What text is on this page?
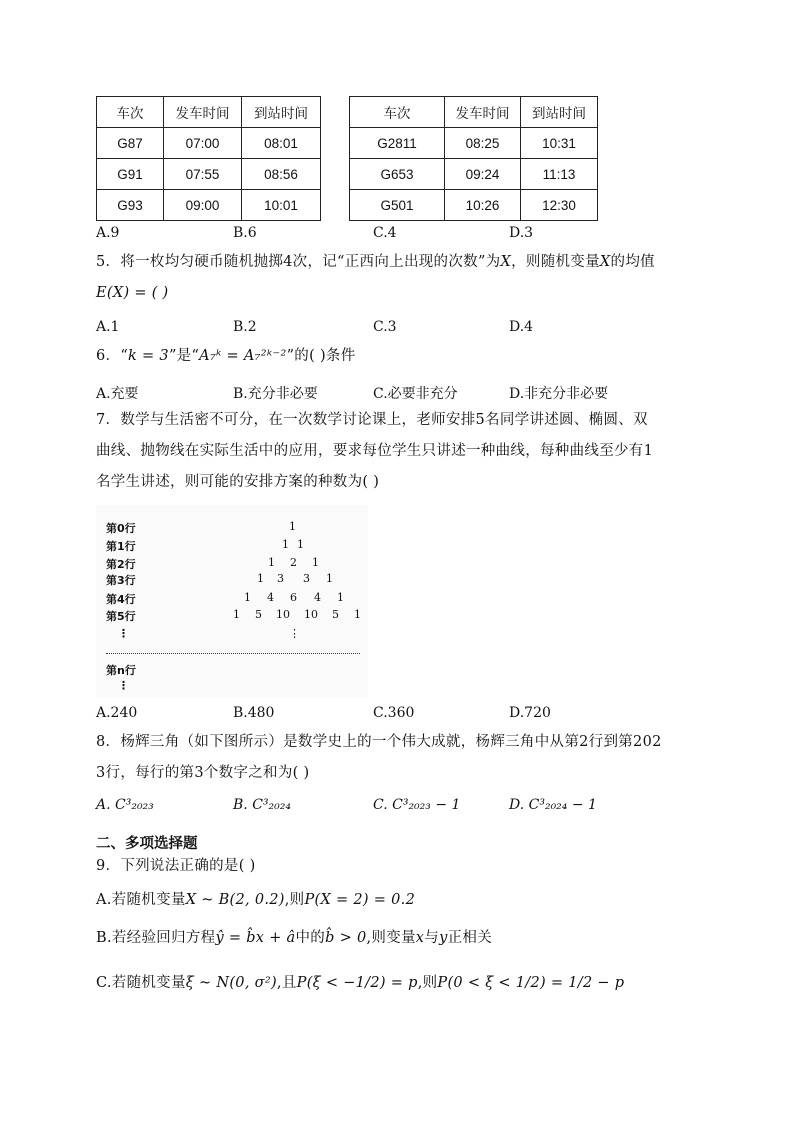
车次	发车时间	到站时间
G87	07:00	08:01
G91	07:55	08:56
G93	09:00	10:01
车次	发车时间	到站时间
G2811	08:25	10:31
G653	09:24	11:13
G501	10:26	12:30
A.9	B.6	C.4	D.3
5．将一枚均匀硬币随机抛掷4次，记“正西向上出现的次数”为X，则随机变量X的均值
E(X) = ( )
A.1	B.2	C.3	D.4
6．“k = 3”是“A₇ᵏ = A₇²ᵏ⁻²”的( )条件
A.充要	B.充分非必要	C.必要非充分	D.非充分非必要
7．数学与生活密不可分，在一次数学讨论课上，老师安排5名同学讲述圆、椭圆、双
曲线、抛物线在实际生活中的应用，要求每位学生只讲述一种曲线，每种曲线至少有1
名学生讲述，则可能的安排方案的种数为( )
第0行
第1行
第2行
第3行
第4行
第5行
⋮
第n行
⋮
1
1 1
1 2 1
1 3 3 1
1 4 6 4 1
1 5 10 10 5 1
⋮
A.240	B.480	C.360	D.720
8．杨辉三角（如下图所示）是数学史上的一个伟大成就，杨辉三角中从第2行到第202
3行，每行的第3个数字之和为( )
A. C³₂₀₂₃	B. C³₂₀₂₄	C. C³₂₀₂₃ − 1	D. C³₂₀₂₄ − 1
二、多项选择题
9．下列说法正确的是( )
A.若随机变量X ~ B(2, 0.2),则P(X = 2) = 0.2
B.若经验回归方程ŷ = b̂x + â中的b̂ > 0,则变量x与y正相关
C.若随机变量ξ ~ N(0, σ²),且P(ξ < −1/2) = p,则P(0 < ξ < 1/2) = 1/2 − p
